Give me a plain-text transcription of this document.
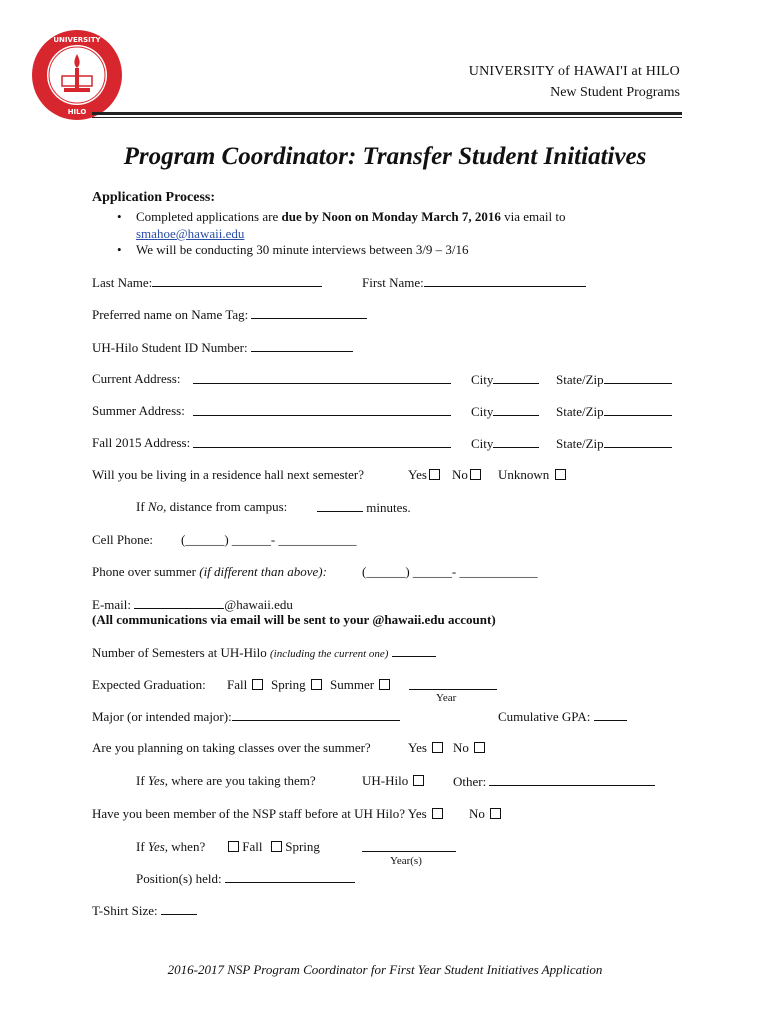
UNIVERSITY
HILO
UNIVERSITY of HAWAI'I at HILO
New Student Programs
Program Coordinator: Transfer Student Initiatives
Application Process:
• Completed applications are due by Noon on Monday March 7, 2016 via email to
smahoe@hawaii.edu
• We will be conducting 30 minute interviews between 3/9 – 3/16
Last Name:	First Name:
Preferred name on Name Tag:
UH-Hilo Student ID Number:
Current Address:	City	State/Zip
Summer Address:	City	State/Zip
Fall 2015 Address:	City	State/Zip
Will you be living in a residence hall next semester?	Yes	No	Unknown
If No, distance from campus:	minutes.
Cell Phone: (______) ______- ____________
Phone over summer (if different than above):	(______) ______- ____________
E-mail:	@hawaii.edu
(All communications via email will be sent to your @hawaii.edu account)
Number of Semesters at UH-Hilo (including the current one)
Expected Graduation: Fall	Spring	Summer
Year
Major (or intended major):	Cumulative GPA:
Are you planning on taking classes over the summer?	Yes	No
If Yes, where are you taking them?	UH-Hilo	Other:
Have you been member of the NSP staff before at UH Hilo? Yes	No
If Yes, when?	Fall	Spring
Year(s)
Position(s) held:
T-Shirt Size:
2016-2017 NSP Program Coordinator for First Year Student Initiatives Application
